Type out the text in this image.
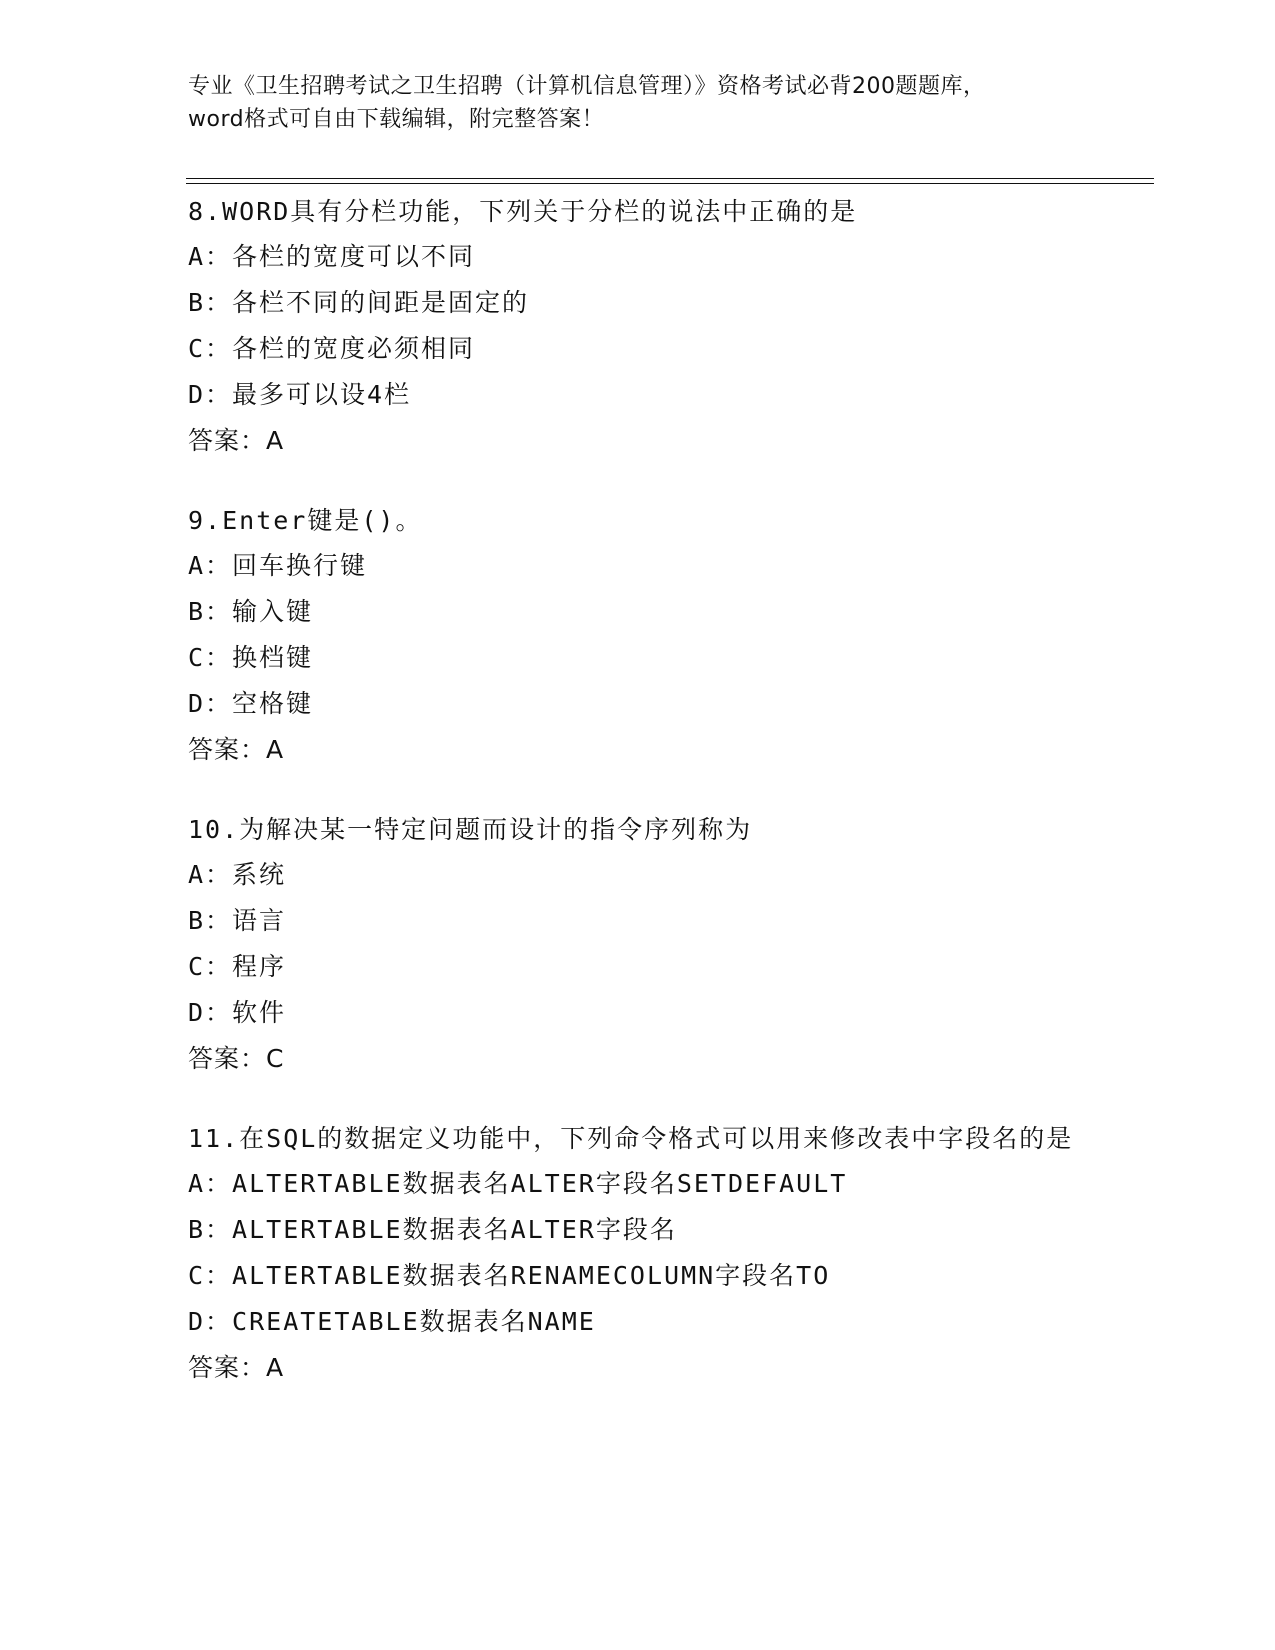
专业《卫生招聘考试之卫生招聘（计算机信息管理）》资格考试必背200题题库，
word格式可自由下载编辑，附完整答案！
8.WORD具有分栏功能，下列关于分栏的说法中正确的是
A：各栏的宽度可以不同
B：各栏不同的间距是固定的
C：各栏的宽度必须相同
D：最多可以设4栏
答案：A
9.Enter键是()。
A：回车换行键
B：输入键
C：换档键
D：空格键
答案：A
10.为解决某一特定问题而设计的指令序列称为
A：系统
B：语言
C：程序
D：软件
答案：C
11.在SQL的数据定义功能中，下列命令格式可以用来修改表中字段名的是
A：ALTERTABLE数据表名ALTER字段名SETDEFAULT
B：ALTERTABLE数据表名ALTER字段名
C：ALTERTABLE数据表名RENAMECOLUMN字段名TO
D：CREATETABLE数据表名NAME
答案：A
